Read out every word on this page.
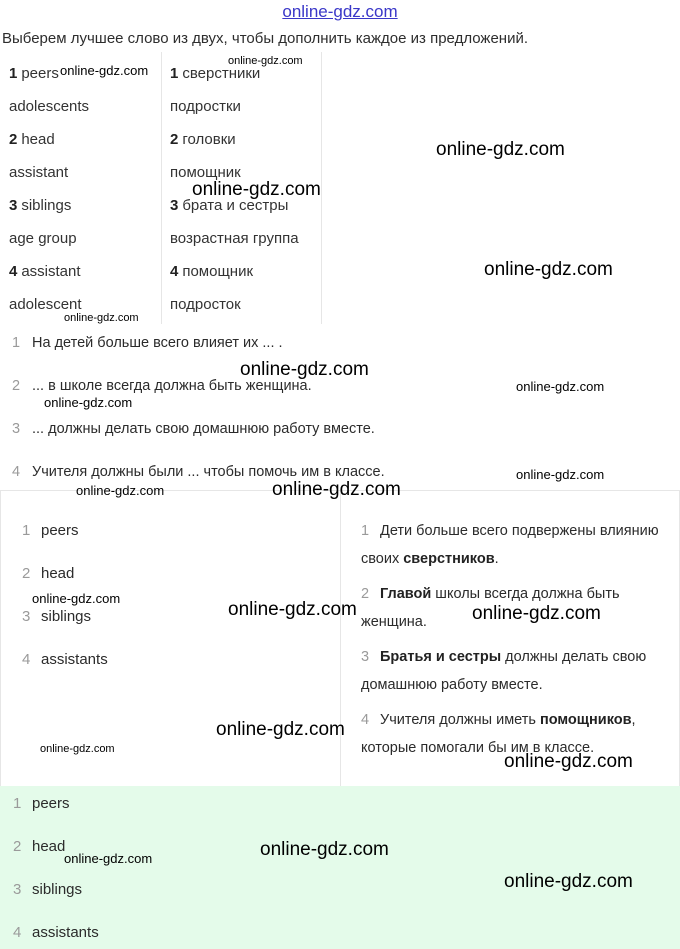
online-gdz.com
Выберем лучшее слово из двух, чтобы дополнить каждое из предложений.
1 peers	1 сверстники
adolescents	подростки
2 head	2 головки
assistant	помощник
3 siblings	3 брата и сестры
age group	возрастная группа
4 assistant	4 помощник
adolescent	подросток
1 На детей больше всего влияет их ... .
2 ... в школе всегда должна быть женщина.
3 ... должны делать свою домашнюю работу вместе.
4 Учителя должны были ... чтобы помочь им в классе.
1 peers
2 head
3 siblings
4 assistants
1 Дети больше всего подвержены влиянию своих сверстников.
2 Главой школы всегда должна быть женщина.
3 Братья и сестры должны делать свою домашнюю работу вместе.
4 Учителя должны иметь помощников, которые помогали бы им в классе.
1 peers
2 head
3 siblings
4 assistants
online-gdz.com
online-gdz.com
online-gdz.com
online-gdz.com
online-gdz.com
online-gdz.com
online-gdz.com
online-gdz.com
online-gdz.com
online-gdz.com
online-gdz.com	online-gdz.com
online-gdz.com
online-gdz.com	online-gdz.com
online-gdz.com
online-gdz.com
online-gdz.com
online-gdz.com
online-gdz.com
online-gdz.com
